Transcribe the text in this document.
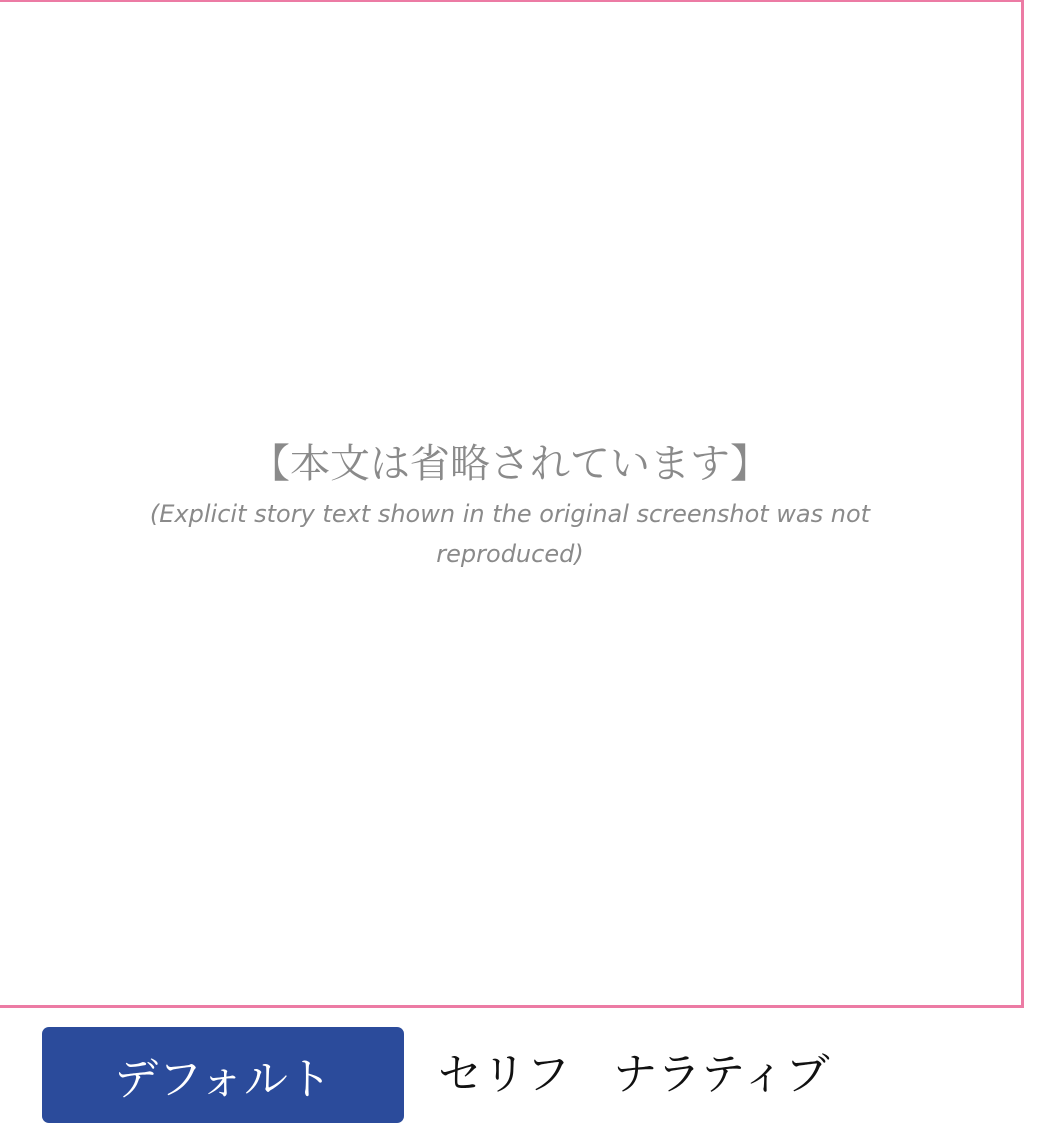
【本文は省略されています】
(Explicit story text shown in the original screenshot was not reproduced)
デフォルト	セリフ ナラティブ
